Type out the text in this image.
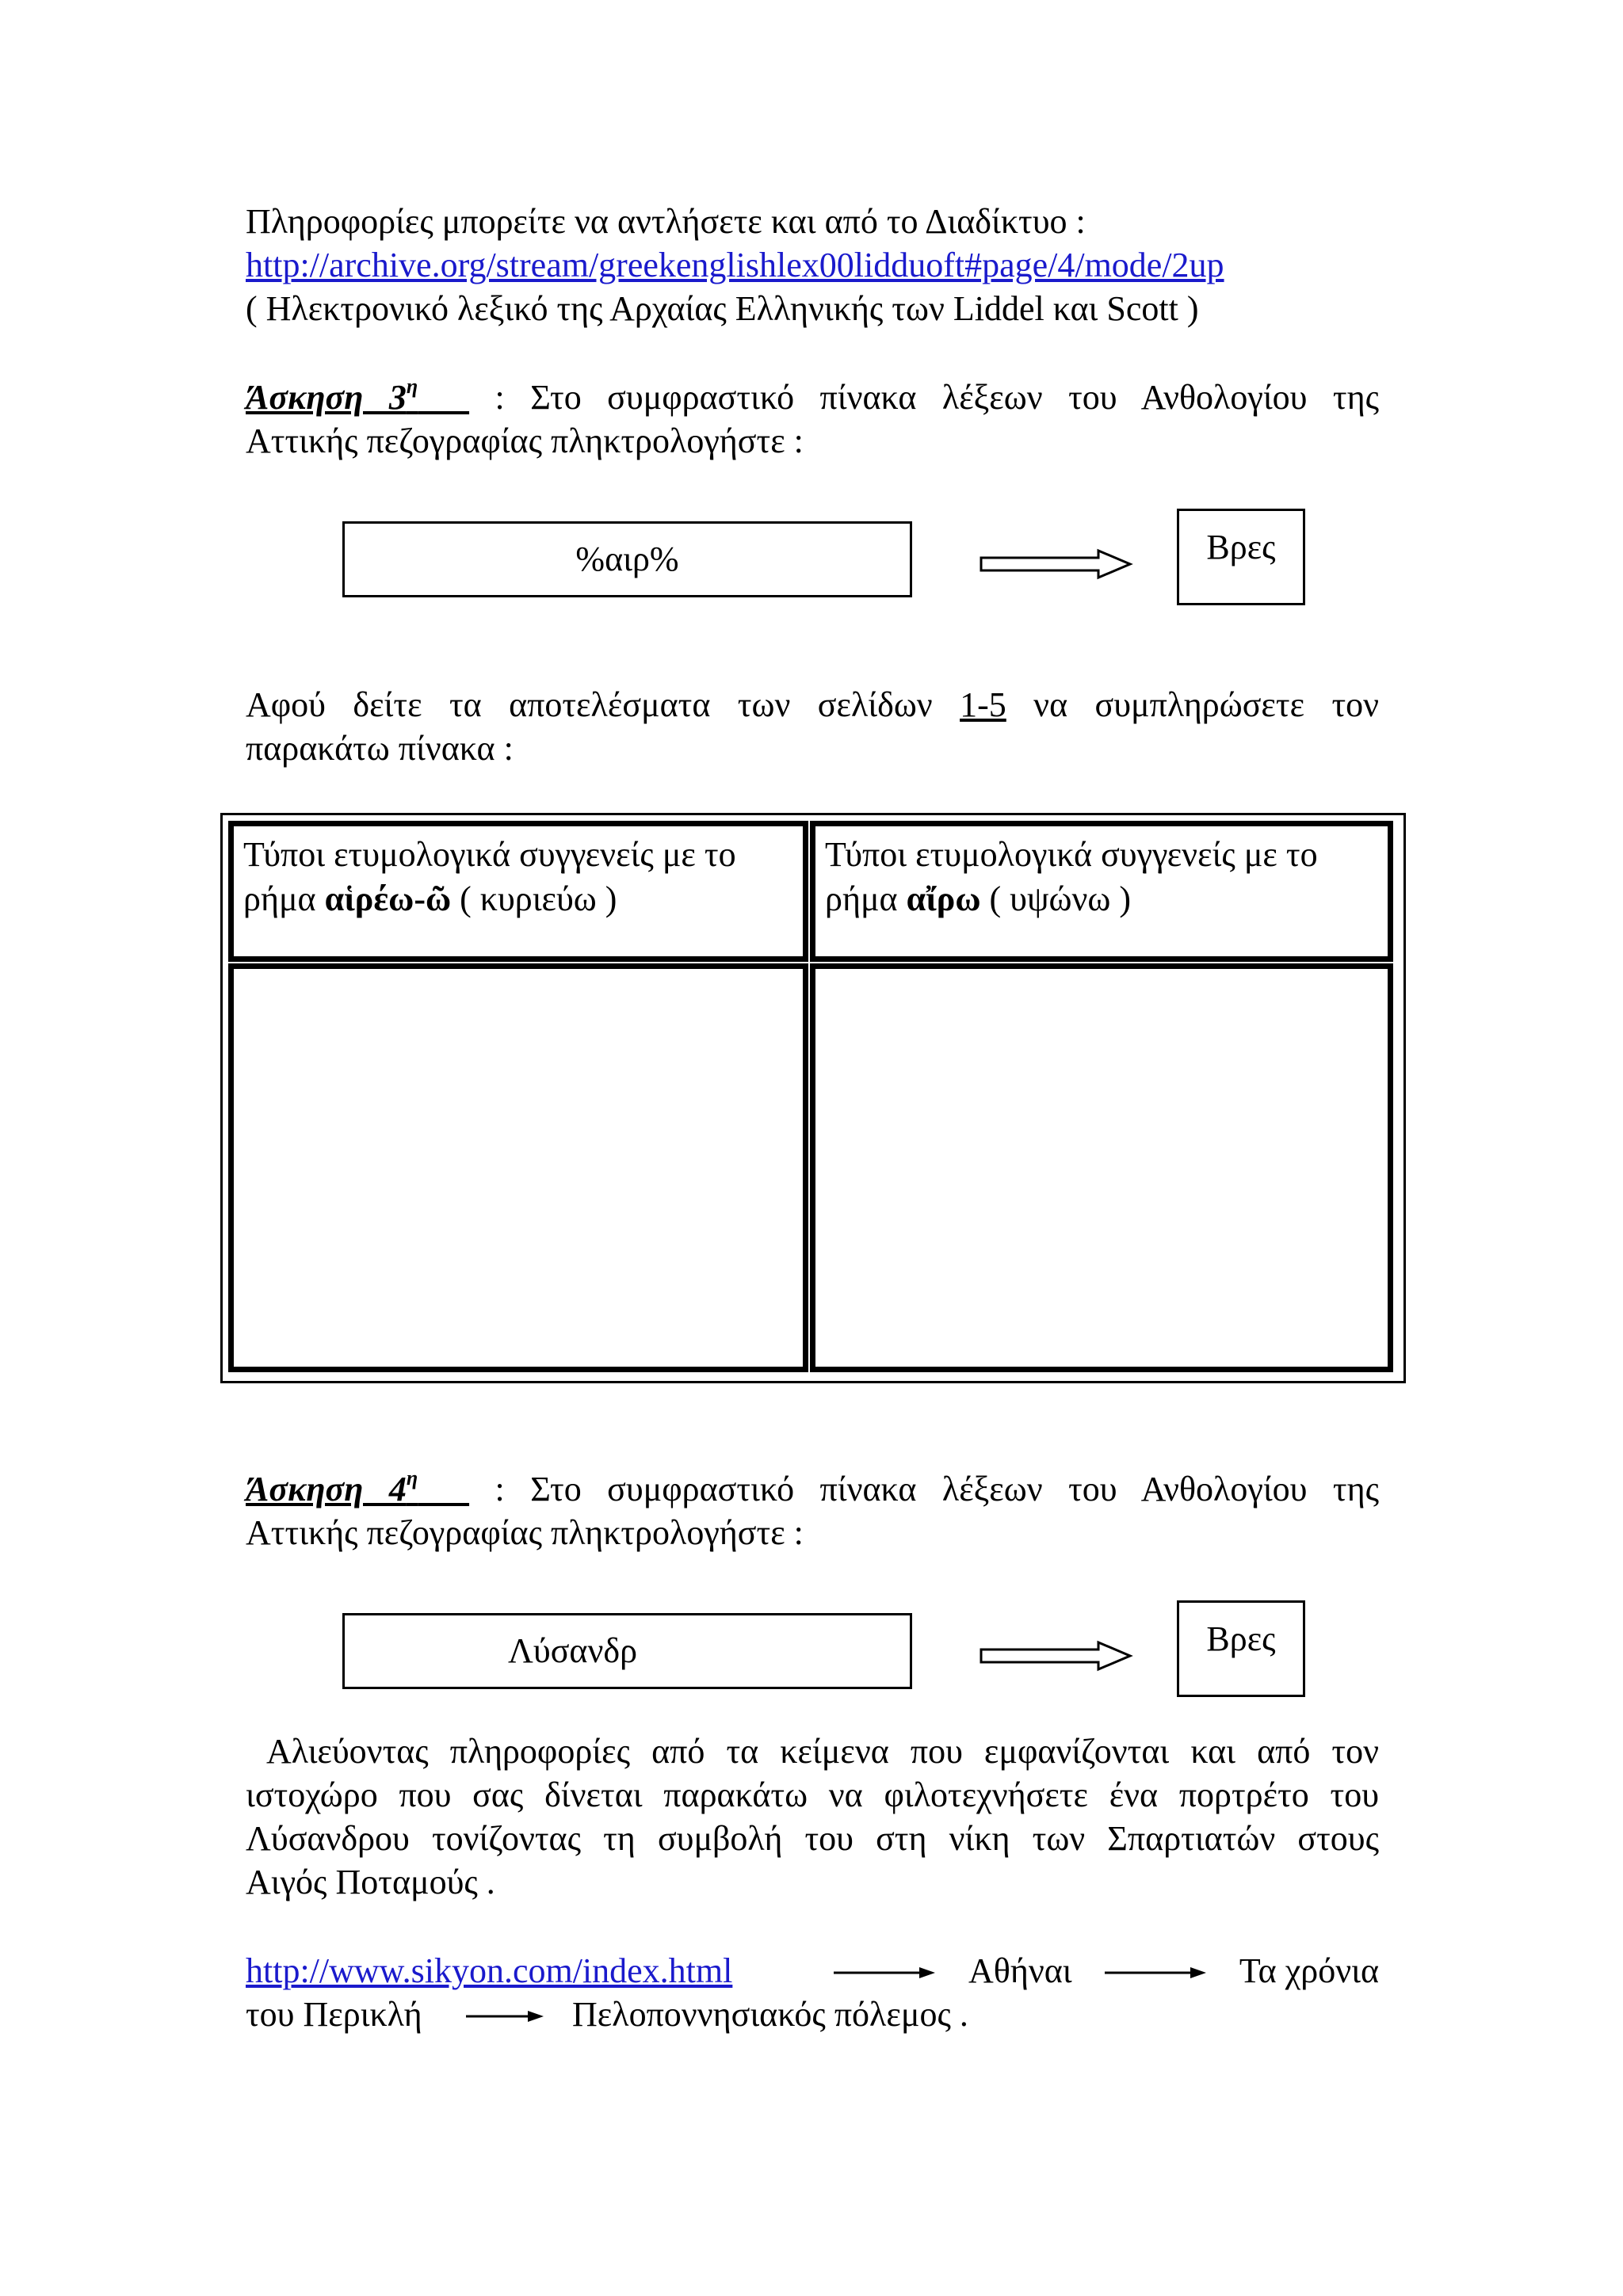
Πληροφορίες μπορείτε να αντλήσετε και από το Διαδίκτυο :
http://archive.org/stream/greekenglishlex00lidduoft#page/4/mode/2up
( Ηλεκτρονικό λεξικό της Αρχαίας Ελληνικής των Liddel και Scott )
Άσκηση $3^\eta$ : Στο συμφραστικό πίνακα λέξεων του Ανθολογίου της
Αττικής πεζογραφίας πληκτρολογήστε :
%αιρ%	Βρες
Αφού δείτε τα αποτελέσματα των σελίδων 1-5 να συμπληρώσετε τον
παρακάτω πίνακα :
Τύποι ετυμολογικά συγγενείς με το
ρήμα αἱρέω-ῶ ( κυριεύω )
Τύποι ετυμολογικά συγγενείς με το
ρήμα αἴρω ( υψώνω )
Άσκηση $4^\eta$ : Στο συμφραστικό πίνακα λέξεων του Ανθολογίου της
Αττικής πεζογραφίας πληκτρολογήστε :
Λύσανδρ	Βρες
Αλιεύοντας πληροφορίες από τα κείμενα που εμφανίζονται και από τον
ιστοχώρο που σας δίνεται παρακάτω να φιλοτεχνήσετε ένα πορτρέτο του
Λύσανδρου τονίζοντας τη συμβολή του στη νίκη των Σπαρτιατών στους
Αιγός Ποταμούς .
http://www.sikyon.com/index.html	Αθήναι	Τα χρόνια
του Περικλή	Πελοποννησιακός πόλεμος .
